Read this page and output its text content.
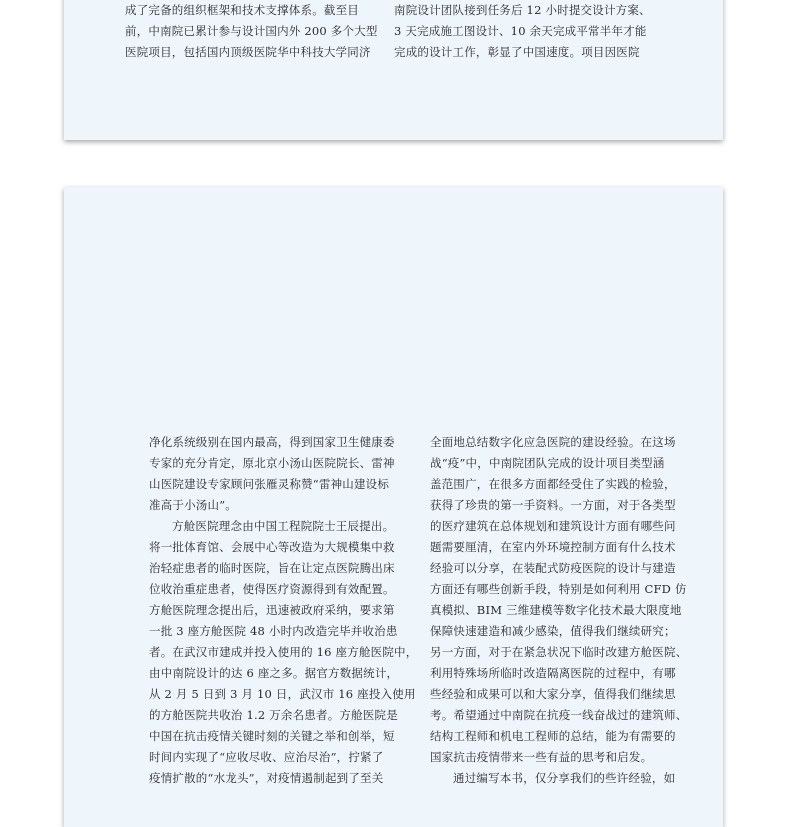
成了完备的组织框架和技术支撑体系。截至目

前，中南院已累计参与设计国内外 200 多个大型

医院项目，包括国内顶级医院华中科技大学同济

南院设计团队接到任务后 12 小时提交设计方案、

3 天完成施工图设计、10 余天完成平常半年才能

完成的设计工作，彰显了中国速度。项目因医院

净化系统级别在国内最高，得到国家卫生健康委

专家的充分肯定，原北京小汤山医院院长、雷神

山医院建设专家顾问张雁灵称赞“雷神山建设标

准高于小汤山”。

方舱医院理念由中国工程院院士王辰提出。

将一批体育馆、会展中心等改造为大规模集中救

治轻症患者的临时医院，旨在让定点医院腾出床

位收治重症患者，使得医疗资源得到有效配置。

方舱医院理念提出后，迅速被政府采纳，要求第

一批 3 座方舱医院 48 小时内改造完毕并收治患

者。在武汉市建成并投入使用的 16 座方舱医院中，

由中南院设计的达 6 座之多。据官方数据统计，

从 2 月 5 日到 3 月 10 日，武汉市 16 座投入使用

的方舱医院共收治 1.2 万余名患者。方舱医院是

中国在抗击疫情关键时刻的关键之举和创举，短

时间内实现了“应收尽收、应治尽治”，拧紧了

疫情扩散的“水龙头”，对疫情遏制起到了至关

全面地总结数字化应急医院的建设经验。在这场

战“疫”中，中南院团队完成的设计项目类型涵

盖范围广，在很多方面都经受住了实践的检验，

获得了珍贵的第一手资料。一方面，对于各类型

的医疗建筑在总体规划和建筑设计方面有哪些问

题需要厘清，在室内外环境控制方面有什么技术

经验可以分享，在装配式防疫医院的设计与建造

方面还有哪些创新手段，特别是如何利用 CFD 仿

真模拟、BIM 三维建模等数字化技术最大限度地

保障快速建造和减少感染，值得我们继续研究；

另一方面，对于在紧急状况下临时改建方舱医院、

利用特殊场所临时改造隔离医院的过程中，有哪

些经验和成果可以和大家分享，值得我们继续思

考。希望通过中南院在抗疫一线奋战过的建筑师、

结构工程师和机电工程师的总结，能为有需要的

国家抗击疫情带来一些有益的思考和启发。

通过编写本书，仅分享我们的些许经验，如
